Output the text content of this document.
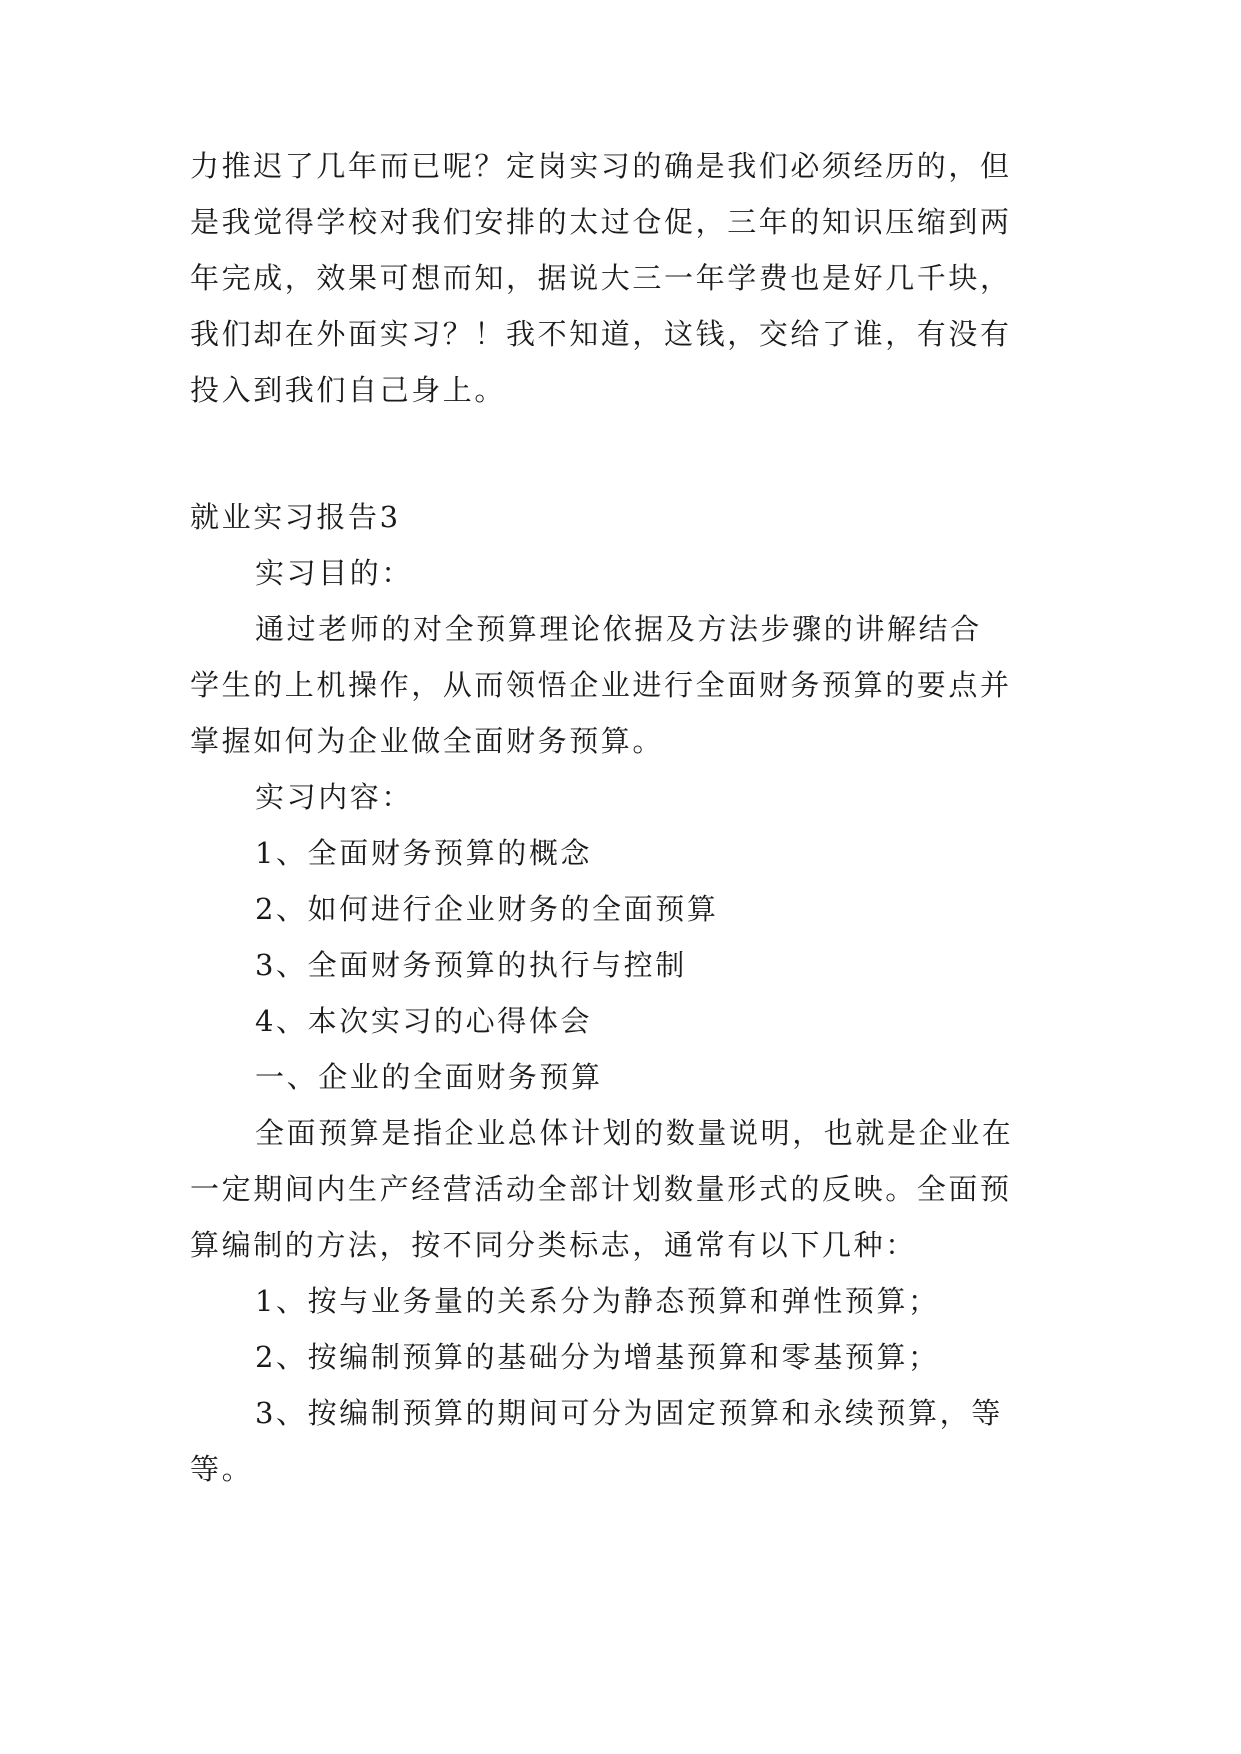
力推迟了几年而已呢？定岗实习的确是我们必须经历的，但
是我觉得学校对我们安排的太过仓促，三年的知识压缩到两
年完成，效果可想而知，据说大三一年学费也是好几千块，
我们却在外面实习？！我不知道，这钱，交给了谁，有没有
投入到我们自己身上。
就业实习报告3
实习目的：
通过老师的对全预算理论依据及方法步骤的讲解结合
学生的上机操作，从而领悟企业进行全面财务预算的要点并
掌握如何为企业做全面财务预算。
实习内容：
1、全面财务预算的概念
2、如何进行企业财务的全面预算
3、全面财务预算的执行与控制
4、本次实习的心得体会
一、企业的全面财务预算
全面预算是指企业总体计划的数量说明，也就是企业在
一定期间内生产经营活动全部计划数量形式的反映。全面预
算编制的方法，按不同分类标志，通常有以下几种：
1、按与业务量的关系分为静态预算和弹性预算；
2、按编制预算的基础分为增基预算和零基预算；
3、按编制预算的期间可分为固定预算和永续预算，等
等。
